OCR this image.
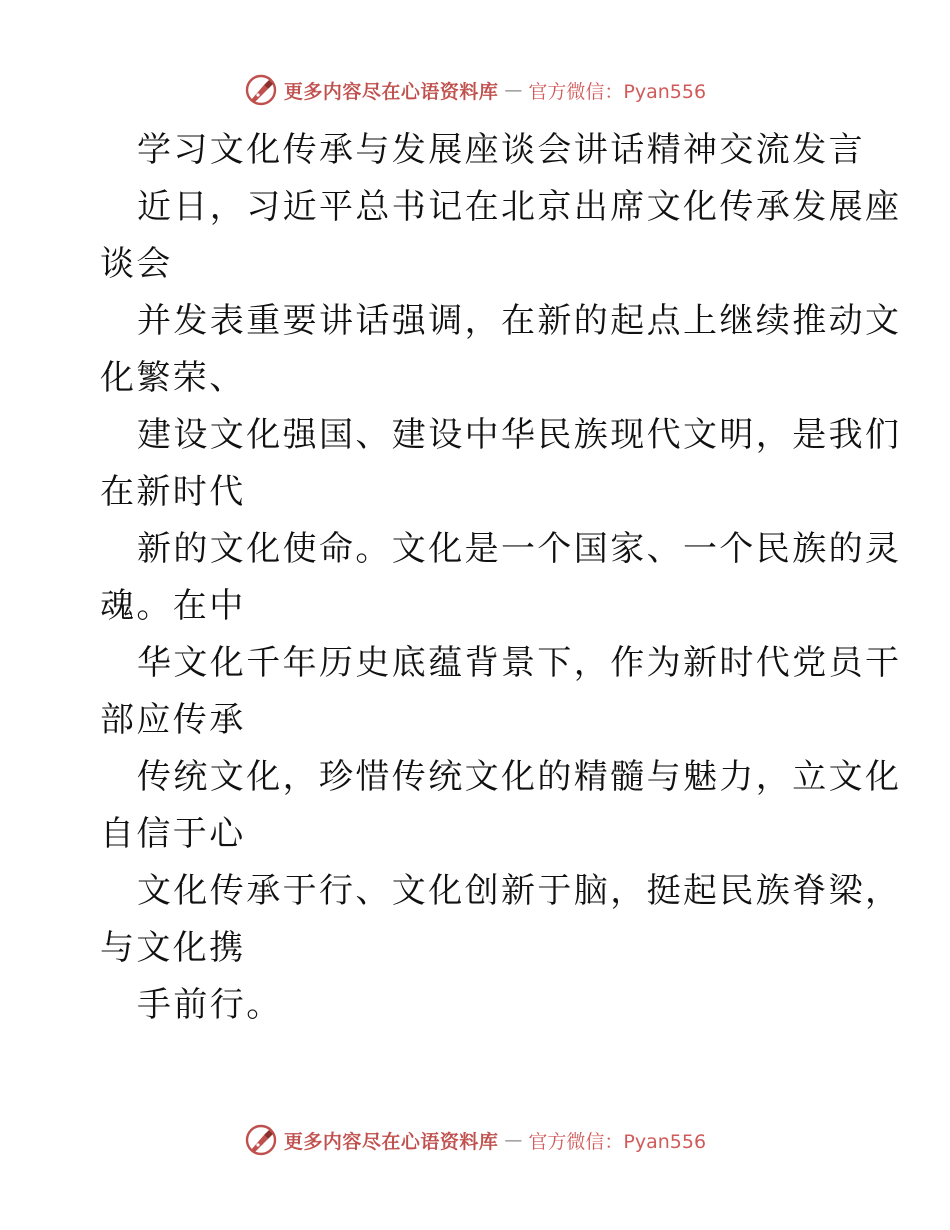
更多内容尽在心语资料库 — 官方微信：Pyan556
学习文化传承与发展座谈会讲话精神交流发言
近日，习近平总书记在北京出席文化传承发展座
谈会
并发表重要讲话强调，在新的起点上继续推动文
化繁荣、
建设文化强国、建设中华民族现代文明，是我们
在新时代
新的文化使命。文化是一个国家、一个民族的灵
魂。在中
华文化千年历史底蕴背景下，作为新时代党员干
部应传承
传统文化，珍惜传统文化的精髓与魅力，立文化
自信于心
文化传承于行、文化创新于脑，挺起民族脊梁，
与文化携
手前行。
更多内容尽在心语资料库 — 官方微信：Pyan556
